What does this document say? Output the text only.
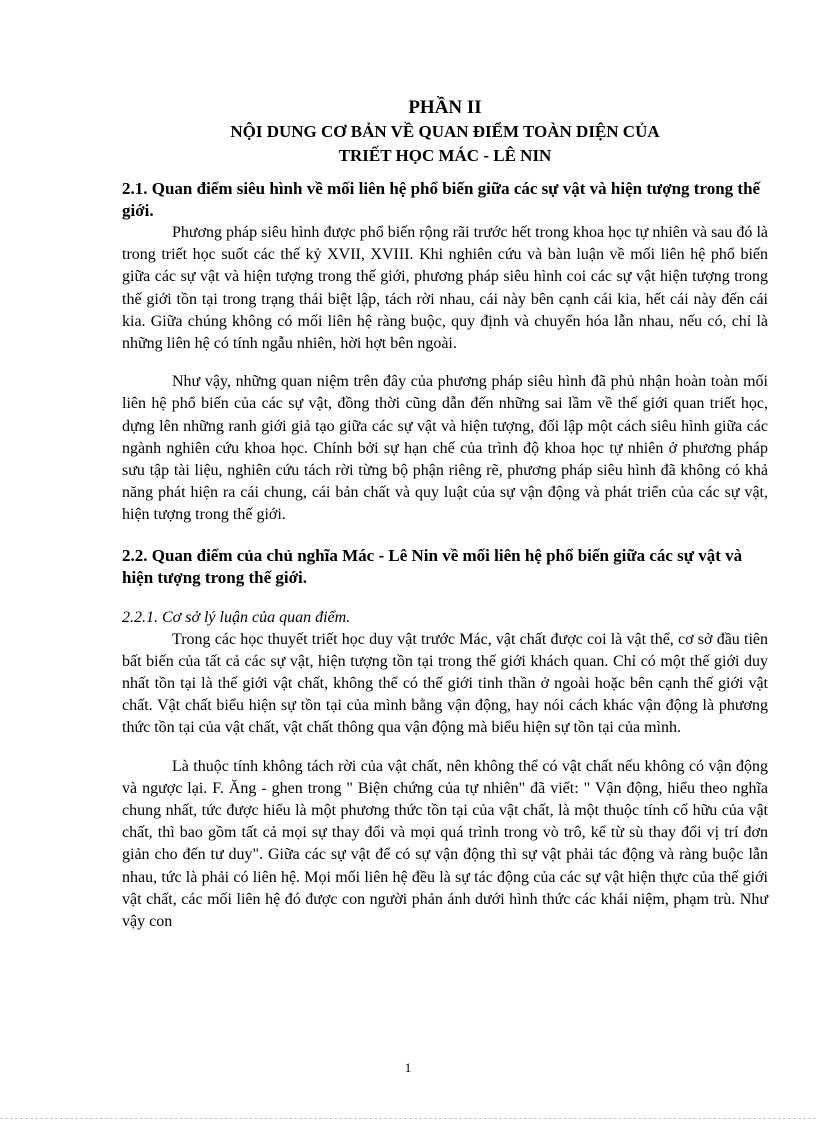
PHẦN II
NỘI DUNG CƠ BẢN VỀ QUAN ĐIỂM TOÀN DIỆN CỦA
TRIẾT HỌC MÁC - LÊ NIN
2.1. Quan điểm siêu hình về mối liên hệ phổ biến giữa các sự vật và hiện tượng trong thế giới.

Phương pháp siêu hình được phổ biến rộng rãi trước hết trong khoa học tự nhiên và sau đó là trong triết học suốt các thế kỷ XVII, XVIII. Khi nghiên cứu và bàn luận về mối liên hệ phổ biến giữa các sự vật và hiện tượng trong thế giới, phương pháp siêu hình coi các sự vật hiện tượng trong thế giới tồn tại trong trạng thái biệt lập, tách rời nhau, cái này bên cạnh cái kia, hết cái này đến cái kia. Giữa chúng không có mối liên hệ ràng buộc, quy định và chuyển hóa lẫn nhau, nếu có, chỉ là những liên hệ có tính ngẫu nhiên, hời hợt bên ngoài.

Như vậy, những quan niệm trên đây của phương pháp siêu hình đã phủ nhận hoàn toàn mối liên hệ phổ biến của các sự vật, đồng thời cũng dẫn đến những sai lầm về thế giới quan triết học, dựng lên những ranh giới giả tạo giữa các sự vật và hiện tượng, đối lập một cách siêu hình giữa các ngành nghiên cứu khoa học. Chính bởi sự hạn chế của trình độ khoa học tự nhiên ở phương pháp sưu tập tài liệu, nghiên cứu tách rời từng bộ phận riêng rẽ, phương pháp siêu hình đã không có khả năng phát hiện ra cái chung, cái bản chất và quy luật của sự vận động và phát triển của các sự vật, hiện tượng trong thế giới.

2.2. Quan điểm của chủ nghĩa Mác - Lê Nin về mối liên hệ phổ biến giữa các sự vật và hiện tượng trong thế giới.
2.2.1. Cơ sở lý luận của quan điểm.

Trong các học thuyết triết học duy vật trước Mác, vật chất được coi là vật thể, cơ sở đầu tiên bất biến của tất cả các sự vật, hiện tượng tồn tại trong thế giới khách quan. Chỉ có một thế giới duy nhất tồn tại là thế giới vật chất, không thể có thế giới tinh thần ở ngoài hoặc bên cạnh thế giới vật chất. Vật chất biểu hiện sự tồn tại của mình bằng vận động, hay nói cách khác vận động là phương thức tồn tại của vật chất, vật chất thông qua vận động mà biểu hiện sự tồn tại của mình.

Là thuộc tính không tách rời của vật chất, nên không thể có vật chất nếu không có vận động và ngược lại. F. Ăng - ghen trong " Biện chứng của tự nhiên" đã viết: " Vận động, hiểu theo nghĩa chung nhất, tức được hiểu là một phương thức tồn tại của vật chất, là một thuộc tính cố hữu của vật chất, thì bao gồm tất cả mọi sự thay đổi và mọi quá trình trong vò trô, kể từ sù thay đổi vị trí đơn giản cho đến tư duy". Giữa các sự vật để có sự vận động thì sự vật phải tác động và ràng buộc lẫn nhau, tức là phải có liên hệ. Mọi mối liên hệ đều là sự tác động của các sự vật hiện thực của thế giới vật chất, các mối liên hệ đó được con người phản ánh dưới hình thức các khái niệm, phạm trù. Như vậy con

1
